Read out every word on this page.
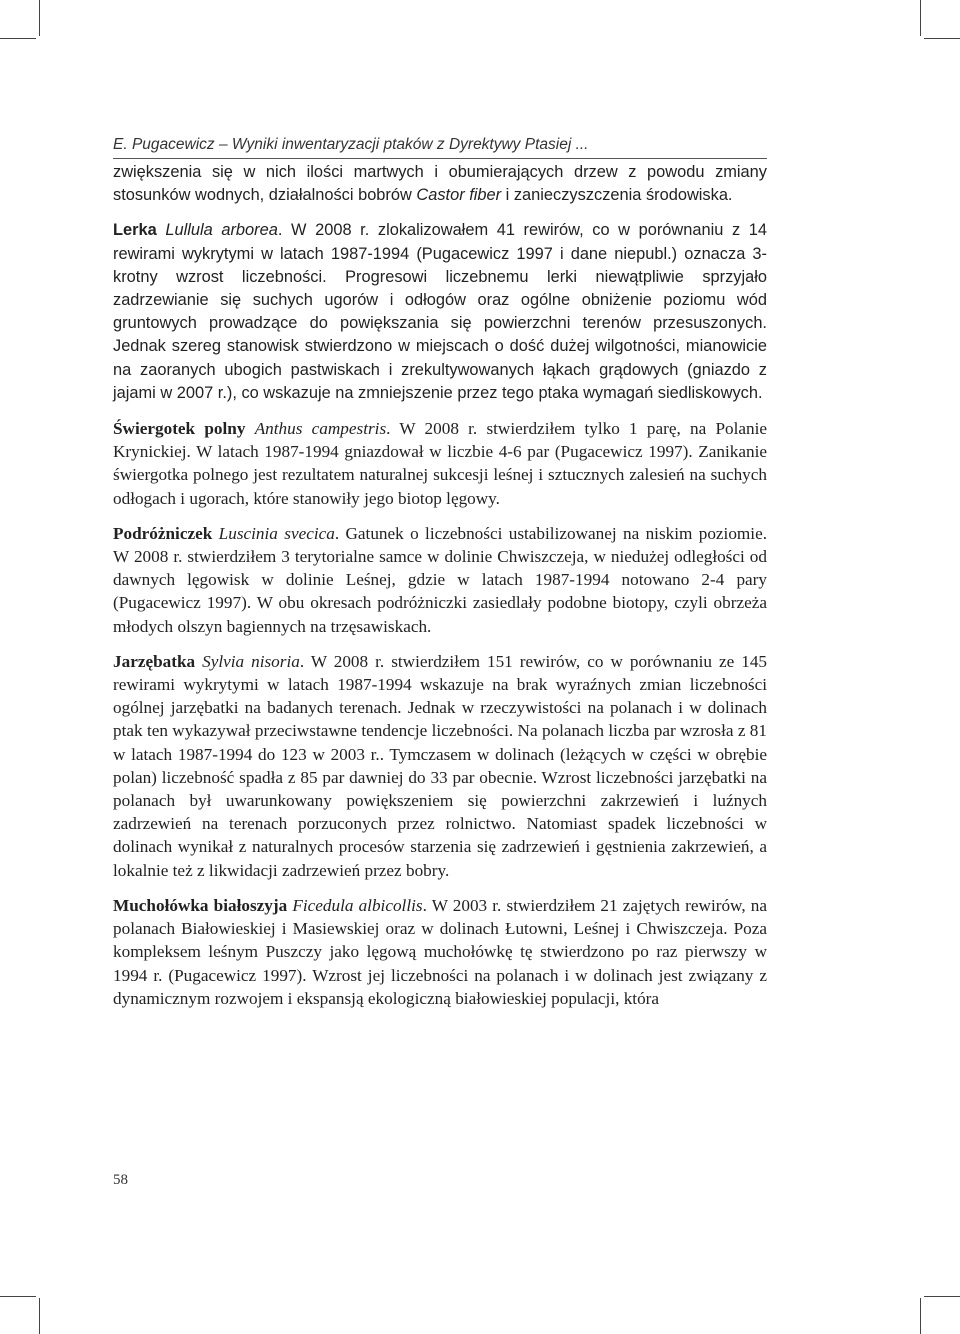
E. Pugacewicz – Wyniki inwentaryzacji ptaków z Dyrektywy Ptasiej ...

zwiększenia się w nich ilości martwych i obumierających drzew z powodu zmiany stosunków wodnych, działalności bobrów Castor fiber i zanieczyszczenia środowiska.

Lerka Lullula arborea. W 2008 r. zlokalizowałem 41 rewirów, co w porównaniu z 14 rewirami wykrytymi w latach 1987-1994 (Pugacewicz 1997 i dane niepubl.) oznacza 3-krotny wzrost liczebności. Progresowi liczebnemu lerki niewątpliwie sprzyjało zadrzewianie się suchych ugorów i odłogów oraz ogólne obniżenie poziomu wód gruntowych prowadzące do powiększania się powierzchni terenów przesuszonych. Jednak szereg stanowisk stwierdzono w miejscach o dość dużej wilgotności, mianowicie na zaoranych ubogich pastwiskach i zrekultywowanych łąkach grądowych (gniazdo z jajami w 2007 r.), co wskazuje na zmniejszenie przez tego ptaka wymagań siedliskowych.

Świergotek polny Anthus campestris. W 2008 r. stwierdziłem tylko 1 parę, na Polanie Krynickiej. W latach 1987-1994 gniazdował w liczbie 4-6 par (Pugacewicz 1997). Zanikanie świergotka polnego jest rezultatem naturalnej sukcesji leśnej i sztucznych zalesień na suchych odłogach i ugorach, które stanowiły jego biotop lęgowy.

Podróżniczek Luscinia svecica. Gatunek o liczebności ustabilizowanej na niskim poziomie. W 2008 r. stwierdziłem 3 terytorialne samce w dolinie Chwiszczeja, w niedużej odległości od dawnych lęgowisk w dolinie Leśnej, gdzie w latach 1987-1994 notowano 2-4 pary (Pugacewicz 1997). W obu okresach podróżniczki zasiedlały podobne biotopy, czyli obrzeża młodych olszyn bagiennych na trzęsawiskach.

Jarzębatka Sylvia nisoria. W 2008 r. stwierdziłem 151 rewirów, co w porównaniu ze 145 rewirami wykrytymi w latach 1987-1994 wskazuje na brak wyraźnych zmian liczebności ogólnej jarzębatki na badanych terenach. Jednak w rzeczywistości na polanach i w dolinach ptak ten wykazywał przeciwstawne tendencje liczebności. Na polanach liczba par wzrosła z 81 w latach 1987-1994 do 123 w 2003 r.. Tymczasem w dolinach (leżących w części w obrębie polan) liczebność spadła z 85 par dawniej do 33 par obecnie. Wzrost liczebności jarzębatki na polanach był uwarunkowany powiększeniem się powierzchni zakrzewień i luźnych zadrzewień na terenach porzuconych przez rolnictwo. Natomiast spadek liczebności w dolinach wynikał z naturalnych procesów starzenia się zadrzewień i gęstnienia zakrzewień, a lokalnie też z likwidacji zadrzewień przez bobry.

Muchołówka białoszyja Ficedula albicollis. W 2003 r. stwierdziłem 21 zajętych rewirów, na polanach Białowieskiej i Masiewskiej oraz w dolinach Łutowni, Leśnej i Chwiszczeja. Poza kompleksem leśnym Puszczy jako lęgową muchołówkę tę stwierdzono po raz pierwszy w 1994 r. (Pugacewicz 1997). Wzrost jej liczebności na polanach i w dolinach jest związany z dynamicznym rozwojem i ekspansją ekologiczną białowieskiej populacji, która

58
